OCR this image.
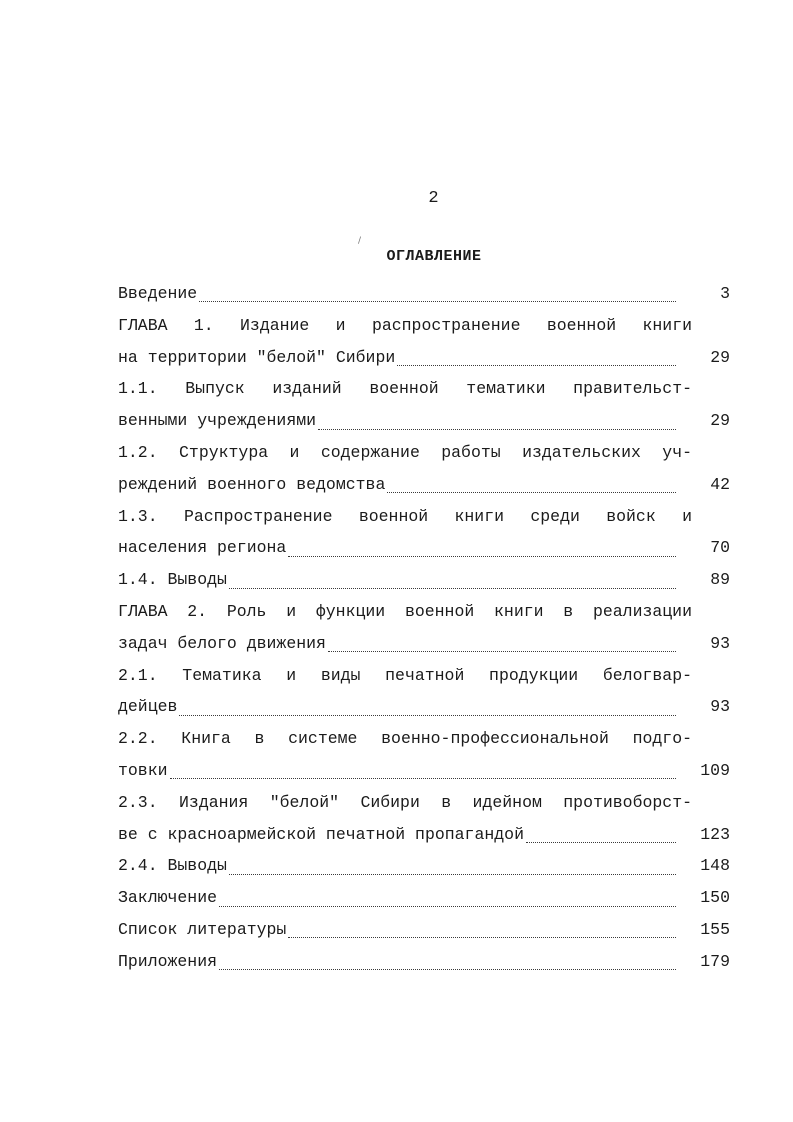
2
/
ОГЛАВЛЕНИЕ
Введение	3
ГЛАВА 1. Издание и распространение военной книги
на территории "белой" Сибири	29
1.1. Выпуск изданий военной тематики правительст-
венными учреждениями	29
1.2. Структура и содержание работы издательских уч-
реждений военного ведомства	42
1.3. Распространение военной книги среди войск и
населения региона	70
1.4. Выводы	89
ГЛАВА 2. Роль и функции военной книги в реализации
задач белого движения	93
2.1. Тематика и виды печатной продукции белогвар-
дейцев	93
2.2. Книга в системе военно-профессиональной подго-
товки	109
2.3. Издания "белой" Сибири в идейном противоборст-
ве с красноармейской печатной пропагандой	123
2.4. Выводы	148
Заключение	150
Список литературы	155
Приложения	179
